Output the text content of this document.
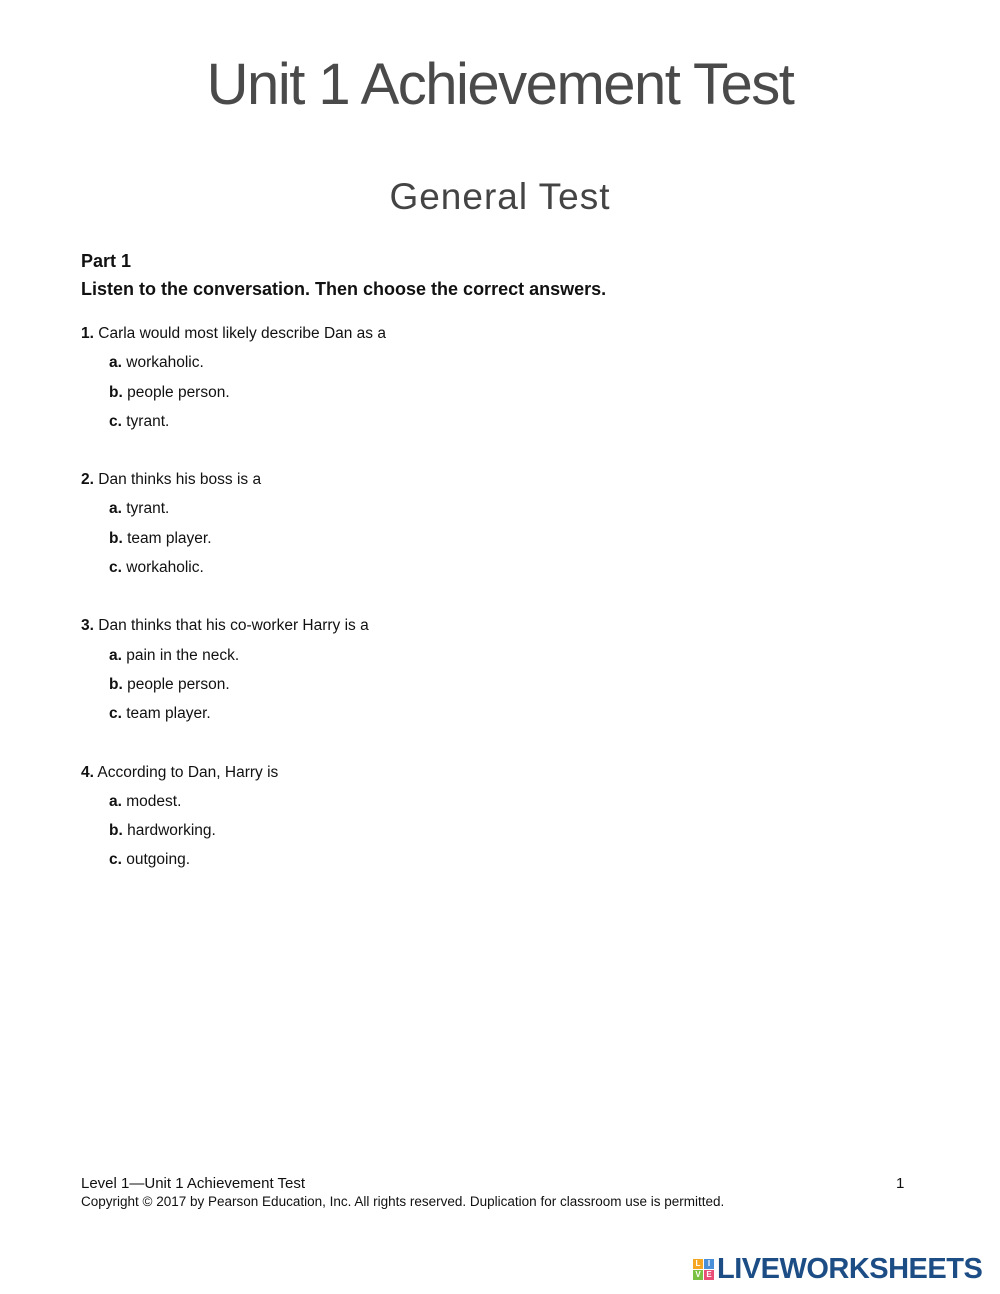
Unit 1 Achievement Test
General Test
Part 1
Listen to the conversation. Then choose the correct answers.
1. Carla would most likely describe Dan as a
a. workaholic.
b. people person.
c. tyrant.
2. Dan thinks his boss is a
a. tyrant.
b. team player.
c. workaholic.
3. Dan thinks that his co-worker Harry is a
a. pain in the neck.
b. people person.
c. team player.
4. According to Dan, Harry is
a. modest.
b. hardworking.
c. outgoing.
Level 1—Unit 1 Achievement Test	1
Copyright © 2017 by Pearson Education, Inc. All rights reserved. Duplication for classroom use is permitted.
L I
V E LIVEWORKSHEETS
